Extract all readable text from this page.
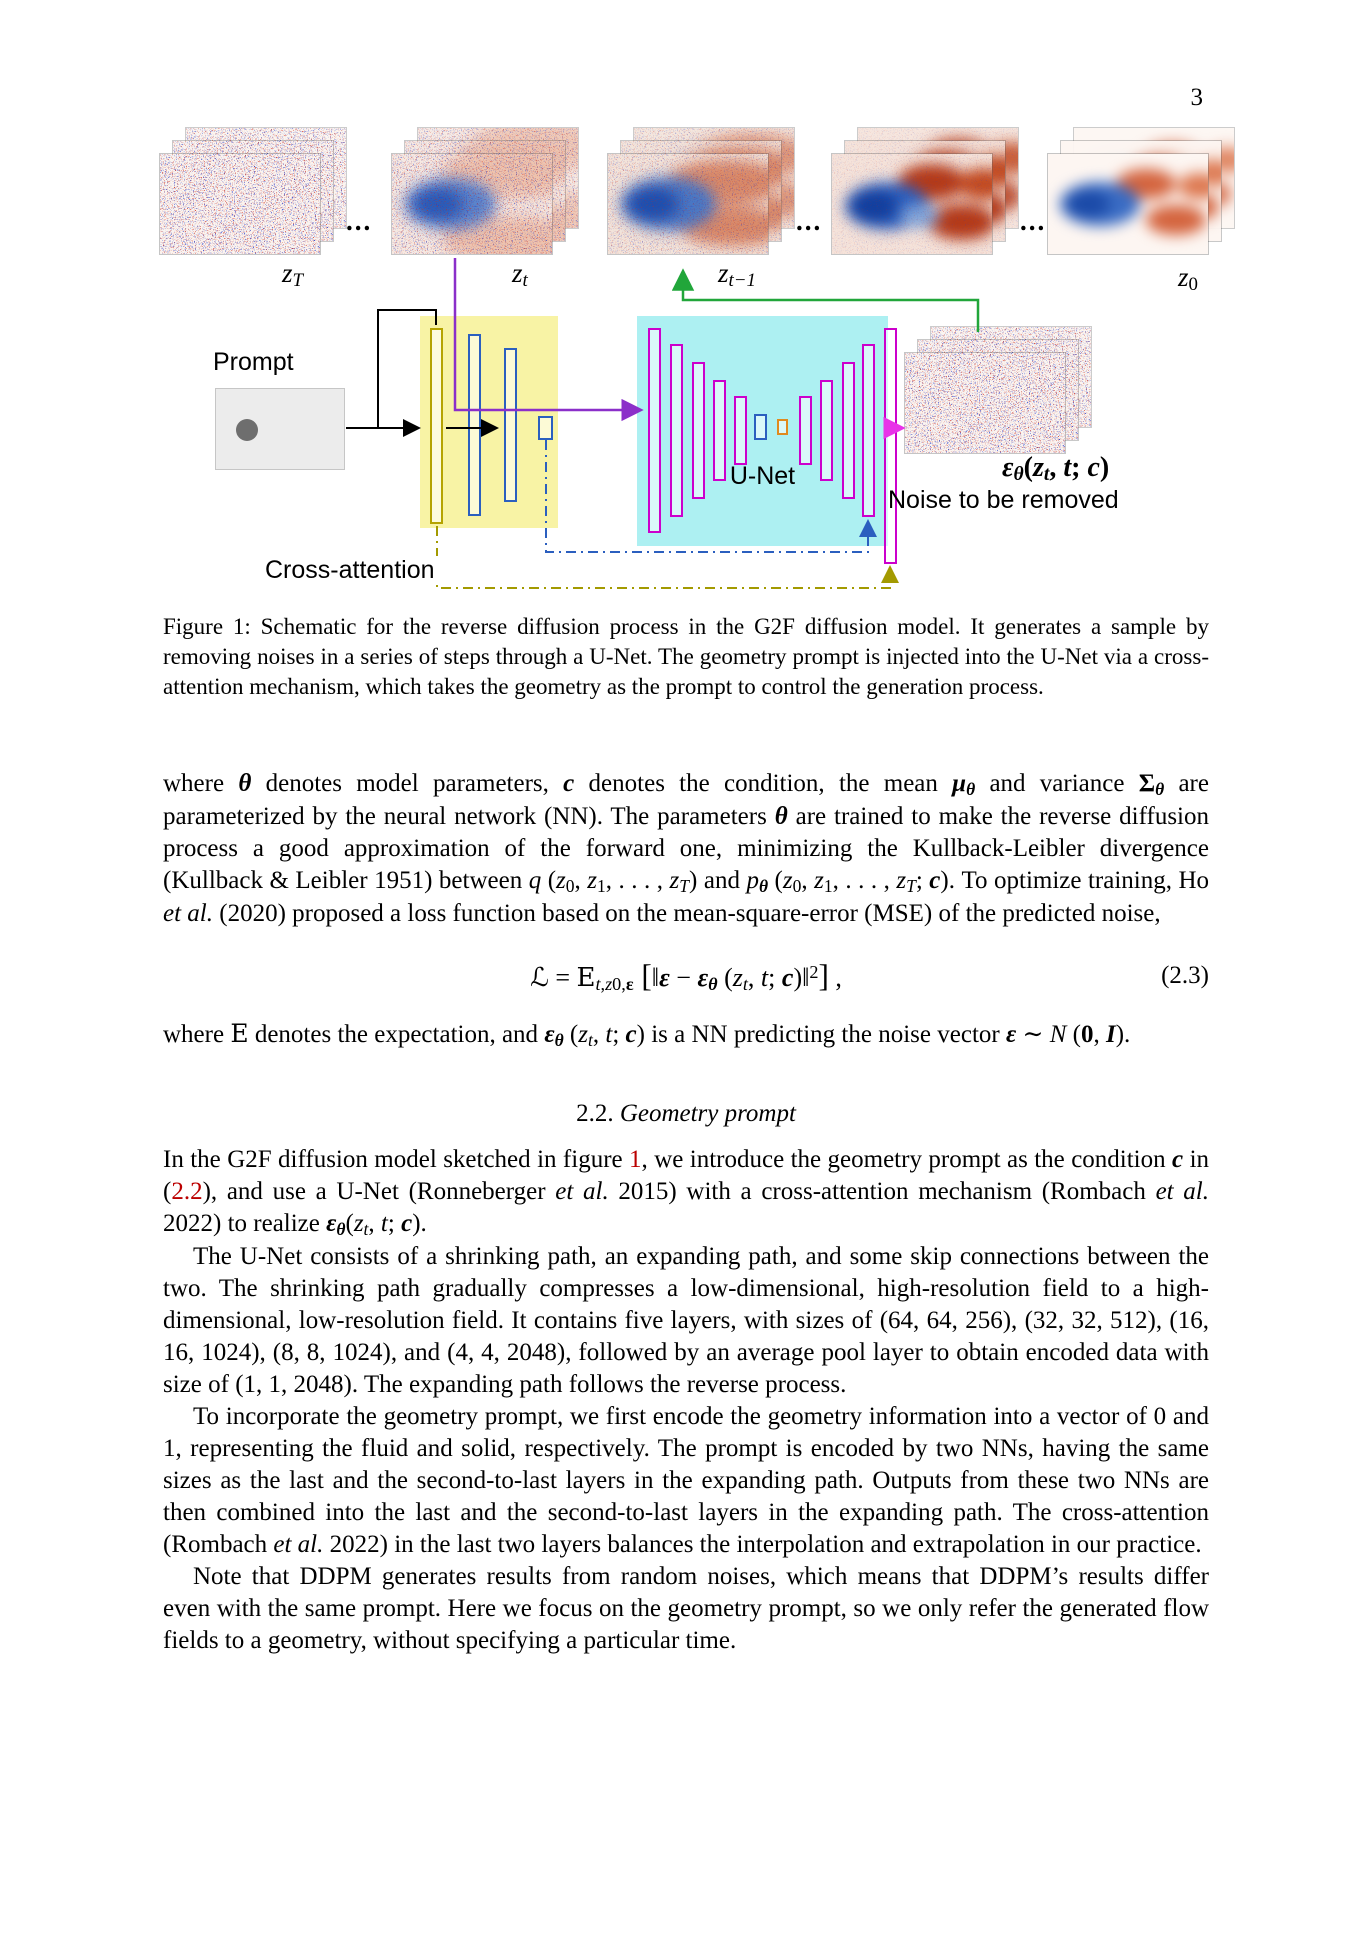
3
zT	zt	zt−1	z0
...	...	...
Prompt
U-Net
Cross-attention
εθ(zt, t; c)
Noise to be removed

Figure 1: Schematic for the reverse diffusion process in the G2F diffusion model. It generates a sample by removing noises in a series of steps through a U-Net. The geometry prompt is injected into the U-Net via a cross-attention mechanism, which takes the geometry as the prompt to control the generation process.

where θ denotes model parameters, c denotes the condition, the mean μθ and variance Σθ are parameterized by the neural network (NN). The parameters θ are trained to make the reverse diffusion process a good approximation of the forward one, minimizing the Kullback-Leibler divergence (Kullback & Leibler 1951) between q (z0, z1, . . . , zT) and pθ (z0, z1, . . . , zT; c). To optimize training, Ho et al. (2020) proposed a loss function based on the mean-square-error (MSE) of the predicted noise,

ℒ = Et,z0,ε [‖ε − εθ (zt, t; c)‖$^2$] ,	(2.3)

where E denotes the expectation, and εθ (zt, t; c) is a NN predicting the noise vector ε ∼ N (0, I).

2.2. Geometry prompt

In the G2F diffusion model sketched in figure 1, we introduce the geometry prompt as the condition c in (2.2), and use a U-Net (Ronneberger et al. 2015) with a cross-attention mechanism (Rombach et al. 2022) to realize εθ(zt, t; c).

The U-Net consists of a shrinking path, an expanding path, and some skip connections between the two. The shrinking path gradually compresses a low-dimensional, high-resolution field to a high-dimensional, low-resolution field. It contains five layers, with sizes of (64, 64, 256), (32, 32, 512), (16, 16, 1024), (8, 8, 1024), and (4, 4, 2048), followed by an average pool layer to obtain encoded data with size of (1, 1, 2048). The expanding path follows the reverse process.

To incorporate the geometry prompt, we first encode the geometry information into a vector of 0 and 1, representing the fluid and solid, respectively. The prompt is encoded by two NNs, having the same sizes as the last and the second-to-last layers in the expanding path. Outputs from these two NNs are then combined into the last and the second-to-last layers in the expanding path. The cross-attention (Rombach et al. 2022) in the last two layers balances the interpolation and extrapolation in our practice.

Note that DDPM generates results from random noises, which means that DDPM’s results differ even with the same prompt. Here we focus on the geometry prompt, so we only refer the generated flow fields to a geometry, without specifying a particular time.
